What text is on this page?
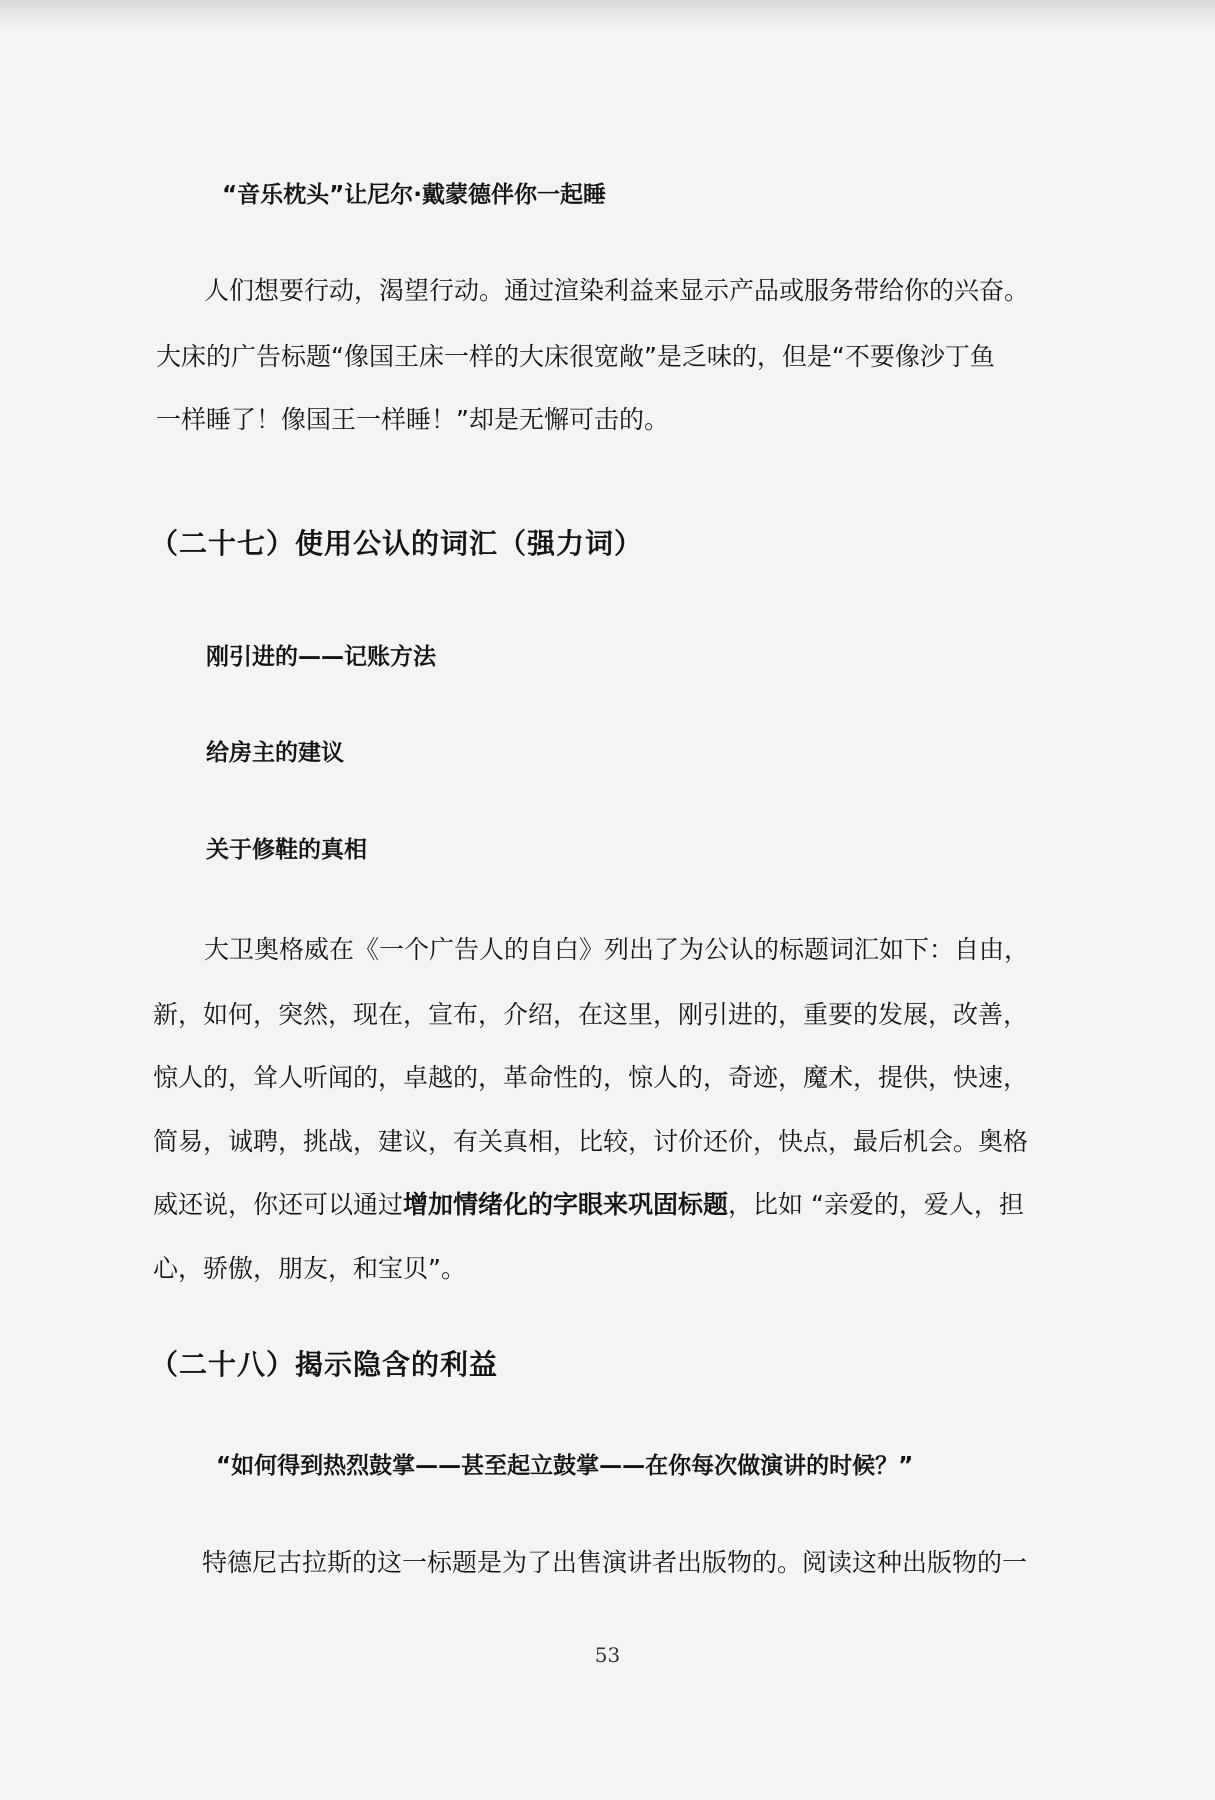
“音乐枕头”让尼尔·戴蒙德伴你一起睡
人们想要行动，渴望行动。通过渲染利益来显示产品或服务带给你的兴奋。
大床的广告标题“像国王床一样的大床很宽敞”是乏味的，但是“不要像沙丁鱼
一样睡了！像国王一样睡！”却是无懈可击的。
（二十七）使用公认的词汇（强力词）
刚引进的——记账方法
给房主的建议
关于修鞋的真相
大卫奥格威在《一个广告人的自白》列出了为公认的标题词汇如下：自由，
新，如何，突然，现在，宣布，介绍，在这里，刚引进的，重要的发展，改善，
惊人的，耸人听闻的，卓越的，革命性的，惊人的，奇迹，魔术，提供，快速，
简易，诚聘，挑战，建议，有关真相，比较，讨价还价，快点，最后机会。奥格
威还说，你还可以通过增加情绪化的字眼来巩固标题，比如 “亲爱的，爱人，担
心，骄傲，朋友，和宝贝”。
（二十八）揭示隐含的利益
“如何得到热烈鼓掌——甚至起立鼓掌——在你每次做演讲的时候？”
特德尼古拉斯的这一标题是为了出售演讲者出版物的。阅读这种出版物的一
53
